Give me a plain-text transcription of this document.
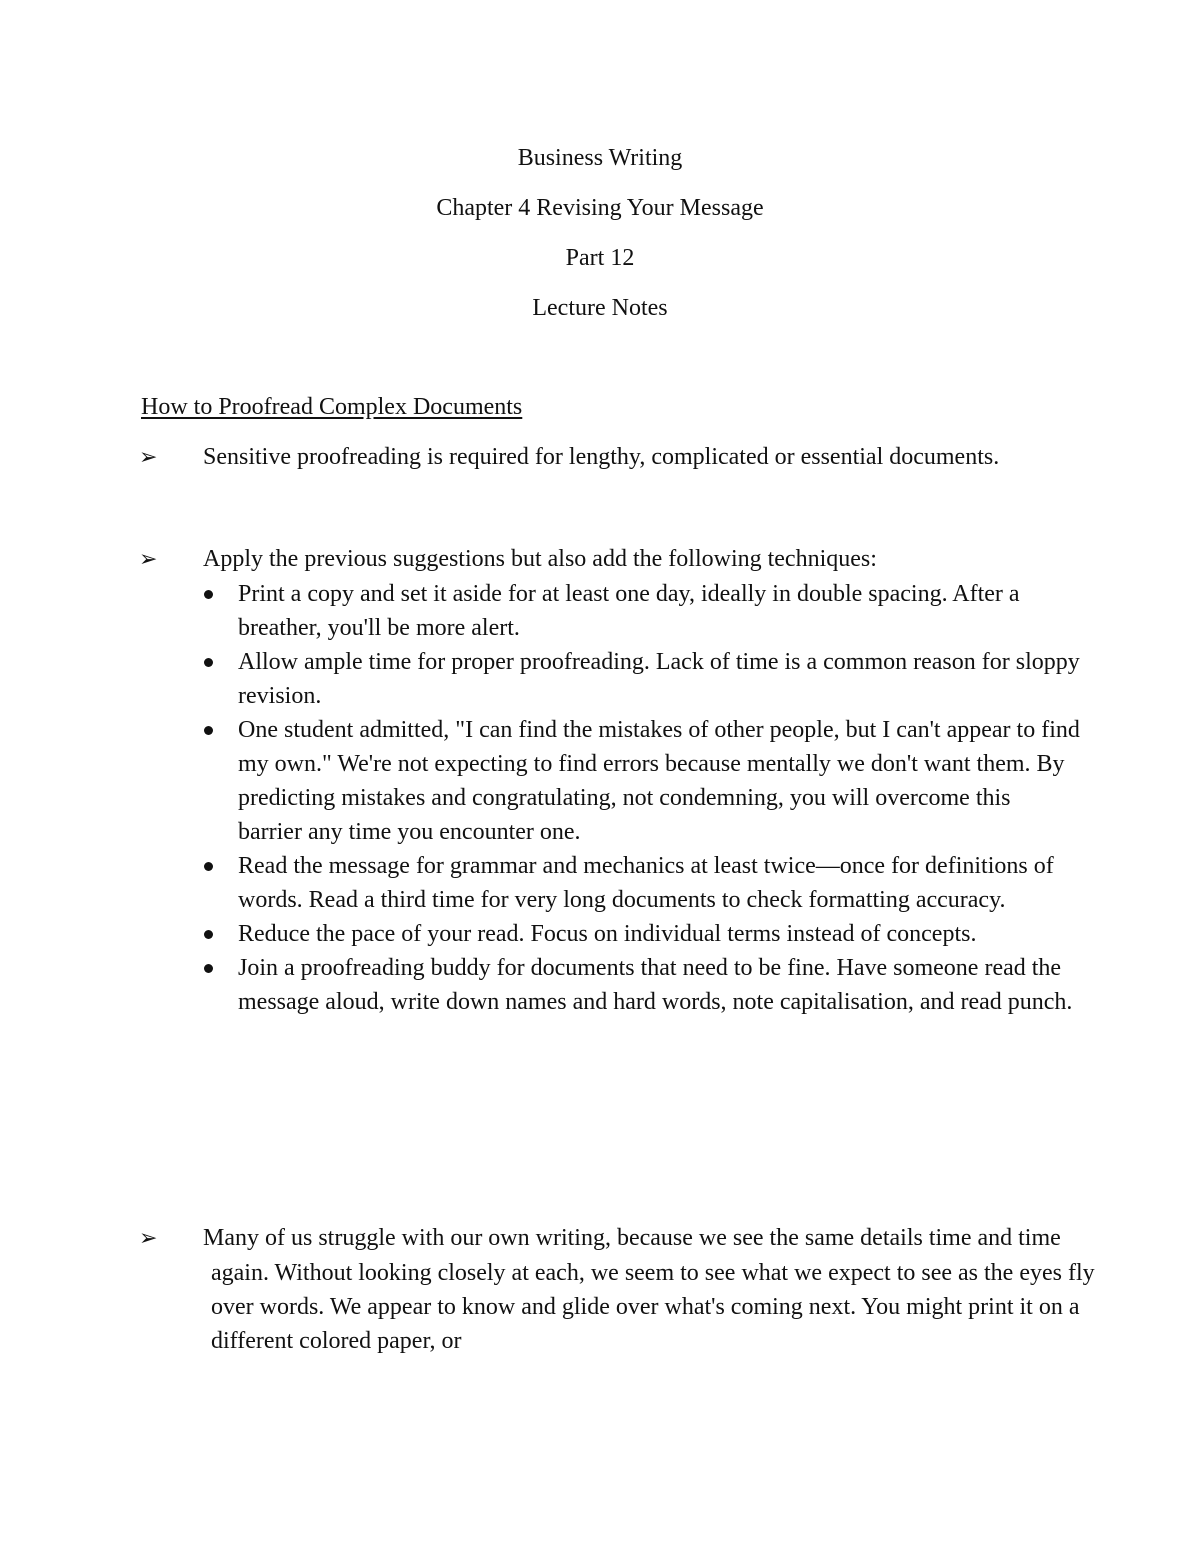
Business Writing

Chapter 4 Revising Your Message

Part 12

Lecture Notes

How to Proofread Complex Documents
➢ Sensitive proofreading is required for lengthy, complicated or essential documents.
➢ Apply the previous suggestions but also add the following techniques:
Print a copy and set it aside for at least one day, ideally in double spacing. After a breather, you'll be more alert.
Allow ample time for proper proofreading. Lack of time is a common reason for sloppy revision.
One student admitted, "I can find the mistakes of other people, but I can't appear to find my own." We're not expecting to find errors because mentally we don't want them. By predicting mistakes and congratulating, not condemning, you will overcome this barrier any time you encounter one.
Read the message for grammar and mechanics at least twice—once for definitions of words. Read a third time for very long documents to check formatting accuracy.
Reduce the pace of your read. Focus on individual terms instead of concepts.
Join a proofreading buddy for documents that need to be fine. Have someone read the message aloud, write down names and hard words, note capitalisation, and read punch.
➢ Many of us struggle with our own writing, because we see the same details time and time again. Without looking closely at each, we seem to see what we expect to see as the eyes fly over words. We appear to know and glide over what's coming next. You might print it on a different colored paper, or
